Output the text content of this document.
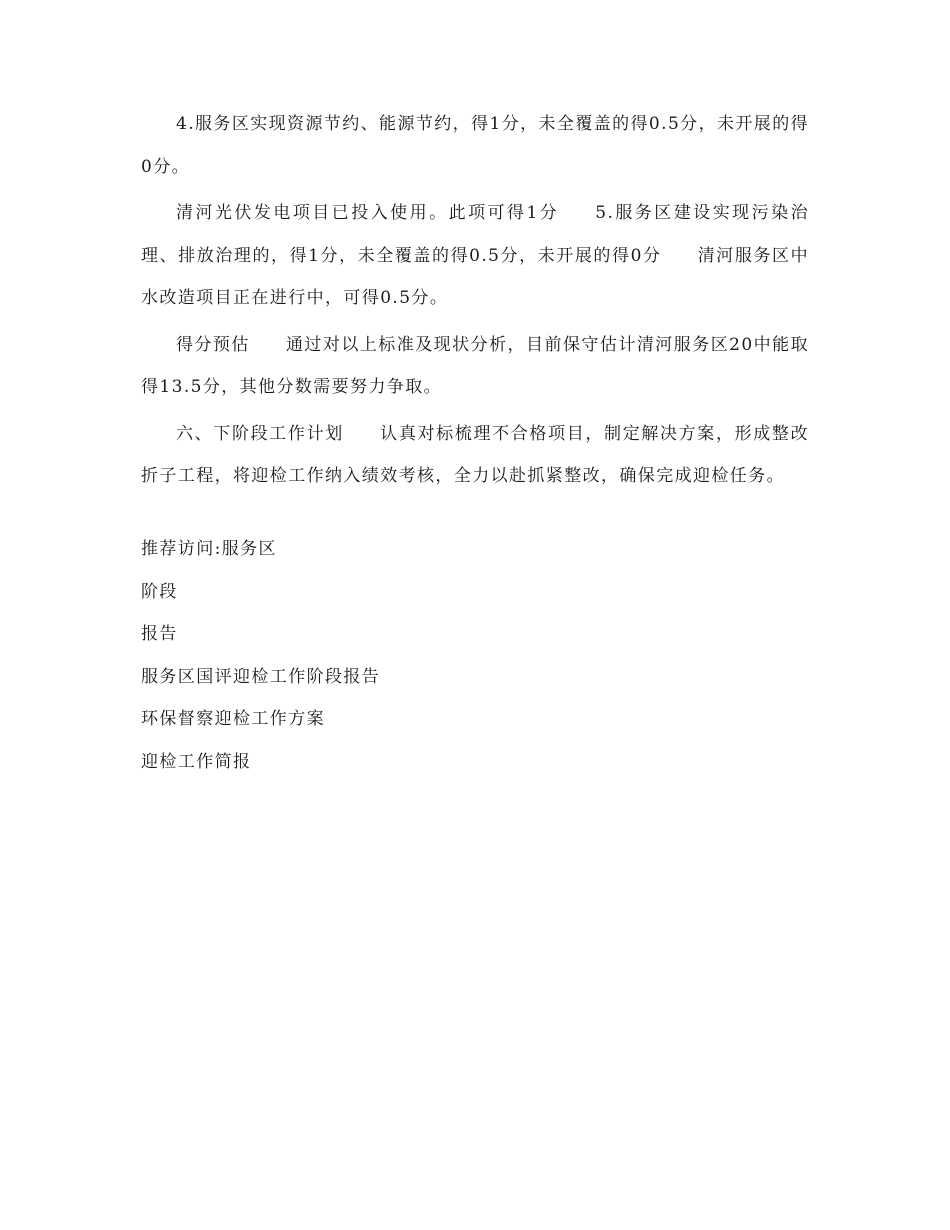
4.服务区实现资源节约、能源节约，得1分，未全覆盖的得0.5分，未开展的得0分。

清河光伏发电项目已投入使用。此项可得1分 5.服务区建设实现污染治理、排放治理的，得1分，未全覆盖的得0.5分，未开展的得0分 清河服务区中水改造项目正在进行中，可得0.5分。

得分预估 通过对以上标准及现状分析，目前保守估计清河服务区20中能取得13.5分，其他分数需要努力争取。

六、下阶段工作计划 认真对标梳理不合格项目，制定解决方案，形成整改折子工程，将迎检工作纳入绩效考核，全力以赴抓紧整改，确保完成迎检任务。

推荐访问:服务区

阶段

报告

服务区国评迎检工作阶段报告

环保督察迎检工作方案

迎检工作简报
